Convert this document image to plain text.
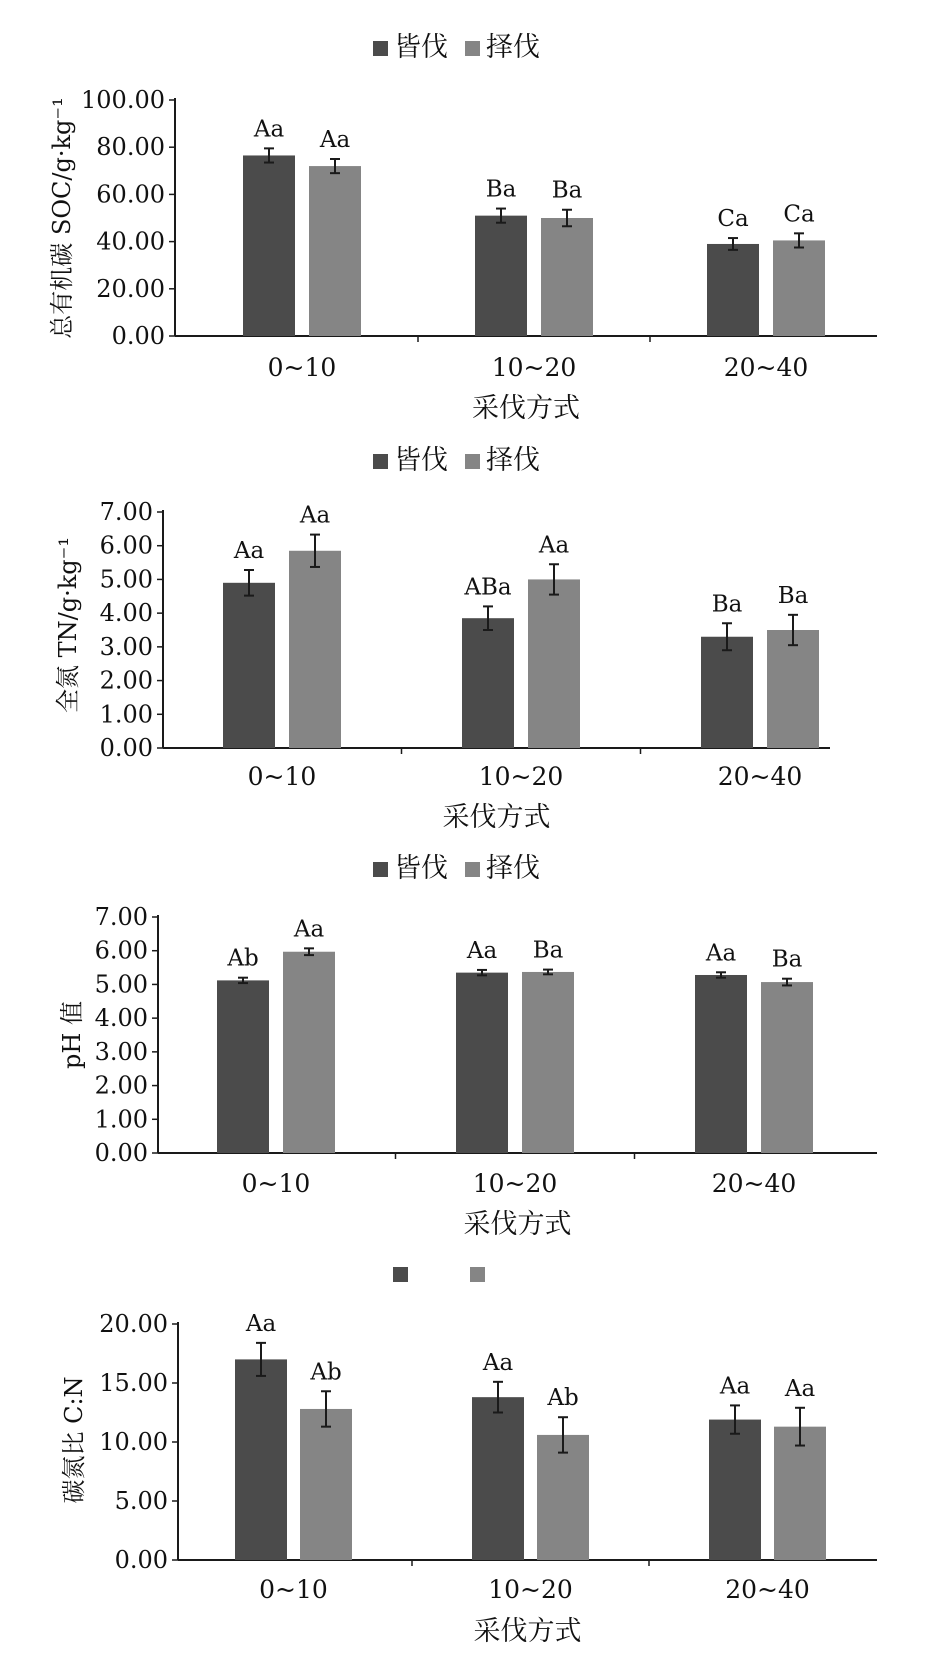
皆伐 择伐
0.00
20.00
40.00
60.00
80.00
100.00
0~10	10~20	20~40
Aa
Ba
Ca
Aa
Ba
Ca
采伐方式
总有机碳 SOC/g·kg⁻¹
皆伐 择伐
0.00
1.00
2.00
3.00
4.00
5.00
6.00
7.00
0~10	10~20	20~40
Aa
ABa
Ba
Aa
Aa
Ba
采伐方式
全氮 TN/g·kg⁻¹
皆伐 择伐
0.00
1.00
2.00
3.00
4.00
5.00
6.00
7.00
0~10	10~20	20~40
Ab	Aa	Aa
Aa
Ba	Ba
采伐方式
pH 值
0.00
5.00
10.00
15.00
20.00
0~10	10~20	20~40
Aa
Aa
Aa
Ab
Ab	Aa
采伐方式
碳氮比 C:N
